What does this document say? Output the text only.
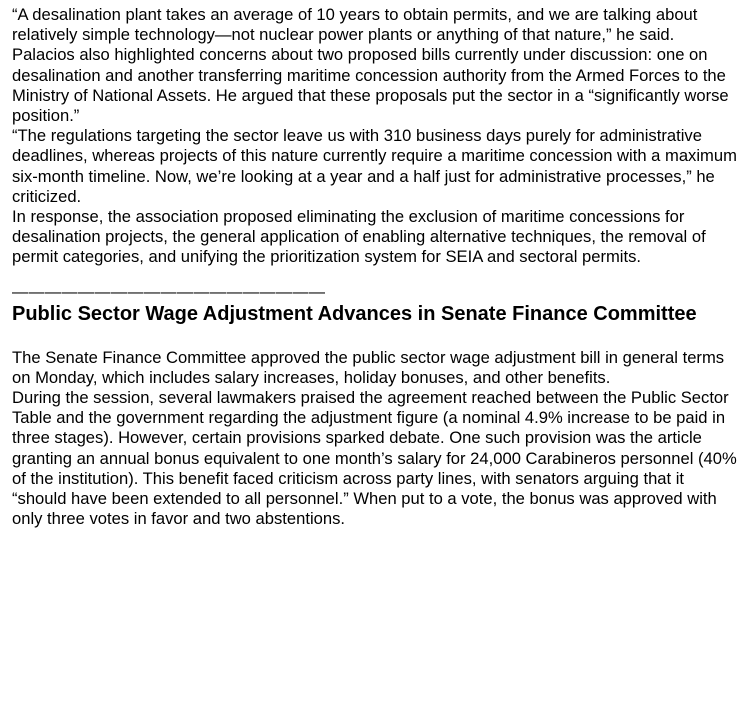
“A desalination plant takes an average of 10 years to obtain permits, and we are talking about relatively simple technology—not nuclear power plants or anything of that nature,” he said.

Palacios also highlighted concerns about two proposed bills currently under discussion: one on desalination and another transferring maritime concession authority from the Armed Forces to the Ministry of National Assets. He argued that these proposals put the sector in a “significantly worse position.”

“The regulations targeting the sector leave us with 310 business days purely for administrative deadlines, whereas projects of this nature currently require a maritime concession with a maximum six-month timeline. Now, we’re looking at a year and a half just for administrative processes,” he criticized.

In response, the association proposed eliminating the exclusion of maritime concessions for desalination projects, the general application of enabling alternative techniques, the removal of permit categories, and unifying the prioritization system for SEIA and sectoral permits.

———————————————————
Public Sector Wage Adjustment Advances in Senate Finance Committee

The Senate Finance Committee approved the public sector wage adjustment bill in general terms on Monday, which includes salary increases, holiday bonuses, and other benefits.

During the session, several lawmakers praised the agreement reached between the Public Sector Table and the government regarding the adjustment figure (a nominal 4.9% increase to be paid in three stages). However, certain provisions sparked debate. One such provision was the article granting an annual bonus equivalent to one month’s salary for 24,000 Carabineros personnel (40% of the institution). This benefit faced criticism across party lines, with senators arguing that it “should have been extended to all personnel.” When put to a vote, the bonus was approved with only three votes in favor and two abstentions.
